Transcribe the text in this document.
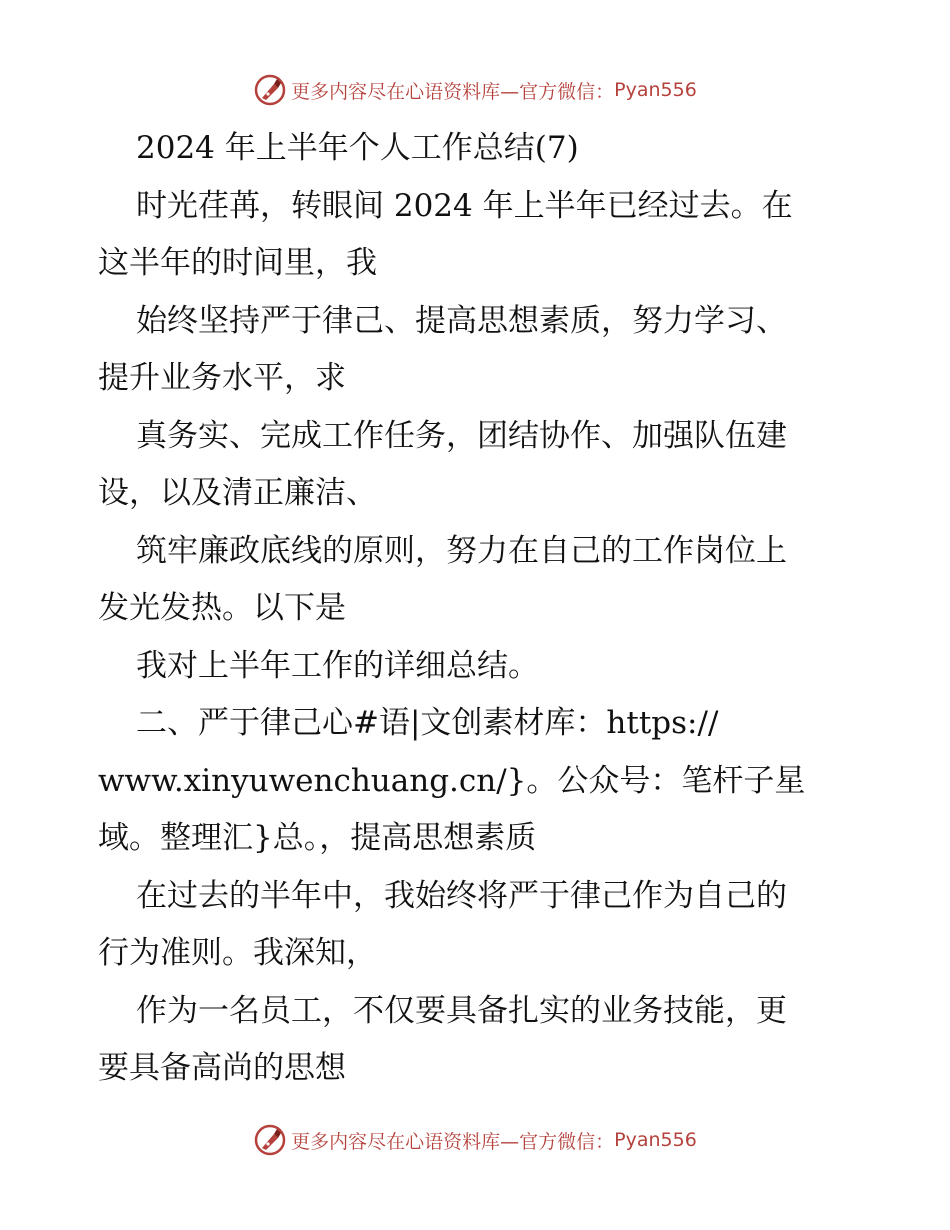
更多内容尽在心语资料库—官方微信： Pyan556
2024 年上半年个人工作总结(7)
时光荏苒，转眼间 2024 年上半年已经过去。在
这半年的时间里，我
始终坚持严于律己、提高思想素质，努力学习、
提升业务水平，求
真务实、完成工作任务，团结协作、加强队伍建
设，以及清正廉洁、
筑牢廉政底线的原则，努力在自己的工作岗位上
发光发热。以下是
我对上半年工作的详细总结。
二、严于律己心#语|文创素材库：https://
www.xinyuwenchuang.cn/}。公众号：笔杆子星
域。整理汇}总。，提高思想素质
在过去的半年中，我始终将严于律己作为自己的
行为准则。我深知，
作为一名员工，不仅要具备扎实的业务技能，更
要具备高尚的思想
更多内容尽在心语资料库—官方微信： Pyan556
